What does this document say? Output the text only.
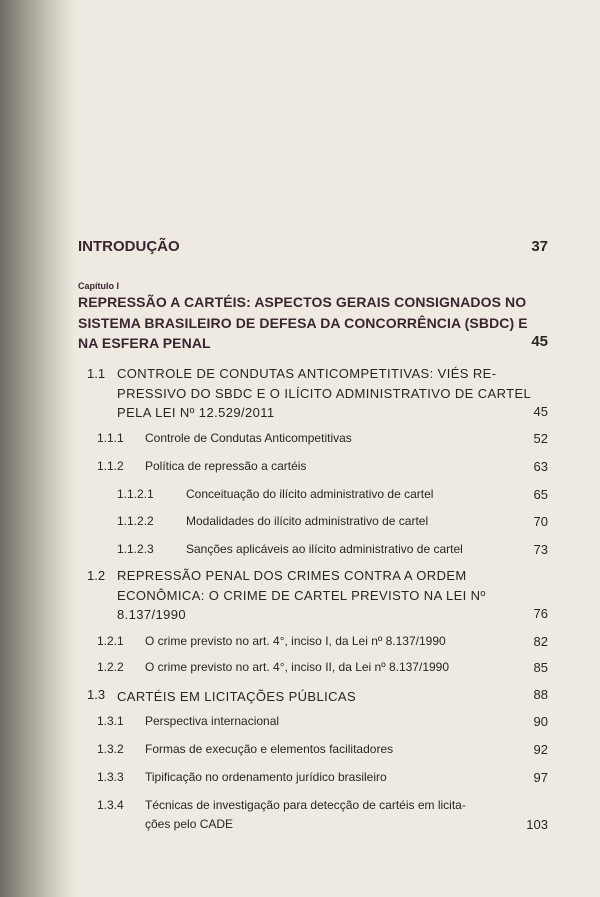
INTRODUÇÃO	37
Capítulo I
REPRESSÃO A CARTÉIS: ASPECTOS GERAIS CONSIGNADOS NO
SISTEMA BRASILEIRO DE DEFESA DA CONCORRÊNCIA (SBDC) E
NA ESFERA PENAL	45
1.1 CONTROLE DE CONDUTAS ANTICOMPETITIVAS: VIÉS RE-
PRESSIVO DO SBDC E O ILÍCITO ADMINISTRATIVO DE CARTEL
PELA LEI Nº 12.529/2011	45
1.1.1 Controle de Condutas Anticompetitivas	52
1.1.2 Política de repressão a cartéis	63
1.1.2.1	Conceituação do ilícito administrativo de cartel	65
1.1.2.2	Modalidades do ilícito administrativo de cartel	70
1.1.2.3	Sanções aplicáveis ao ilícito administrativo de cartel	73
1.2 REPRESSÃO PENAL DOS CRIMES CONTRA A ORDEM
ECONÔMICA: O CRIME DE CARTEL PREVISTO NA LEI Nº
8.137/1990	76
1.2.1 O crime previsto no art. 4°, inciso I, da Lei nº 8.137/1990	82
1.2.2 O crime previsto no art. 4°, inciso II, da Lei nº 8.137/1990	85
1.3 CARTÉIS EM LICITAÇÕES PÚBLICAS	88
1.3.1 Perspectiva internacional	90
1.3.2 Formas de execução e elementos facilitadores	92
1.3.3 Tipificação no ordenamento jurídico brasileiro	97
1.3.4 Técnicas de investigação para detecção de cartéis em licita-
ções pelo CADE	103
